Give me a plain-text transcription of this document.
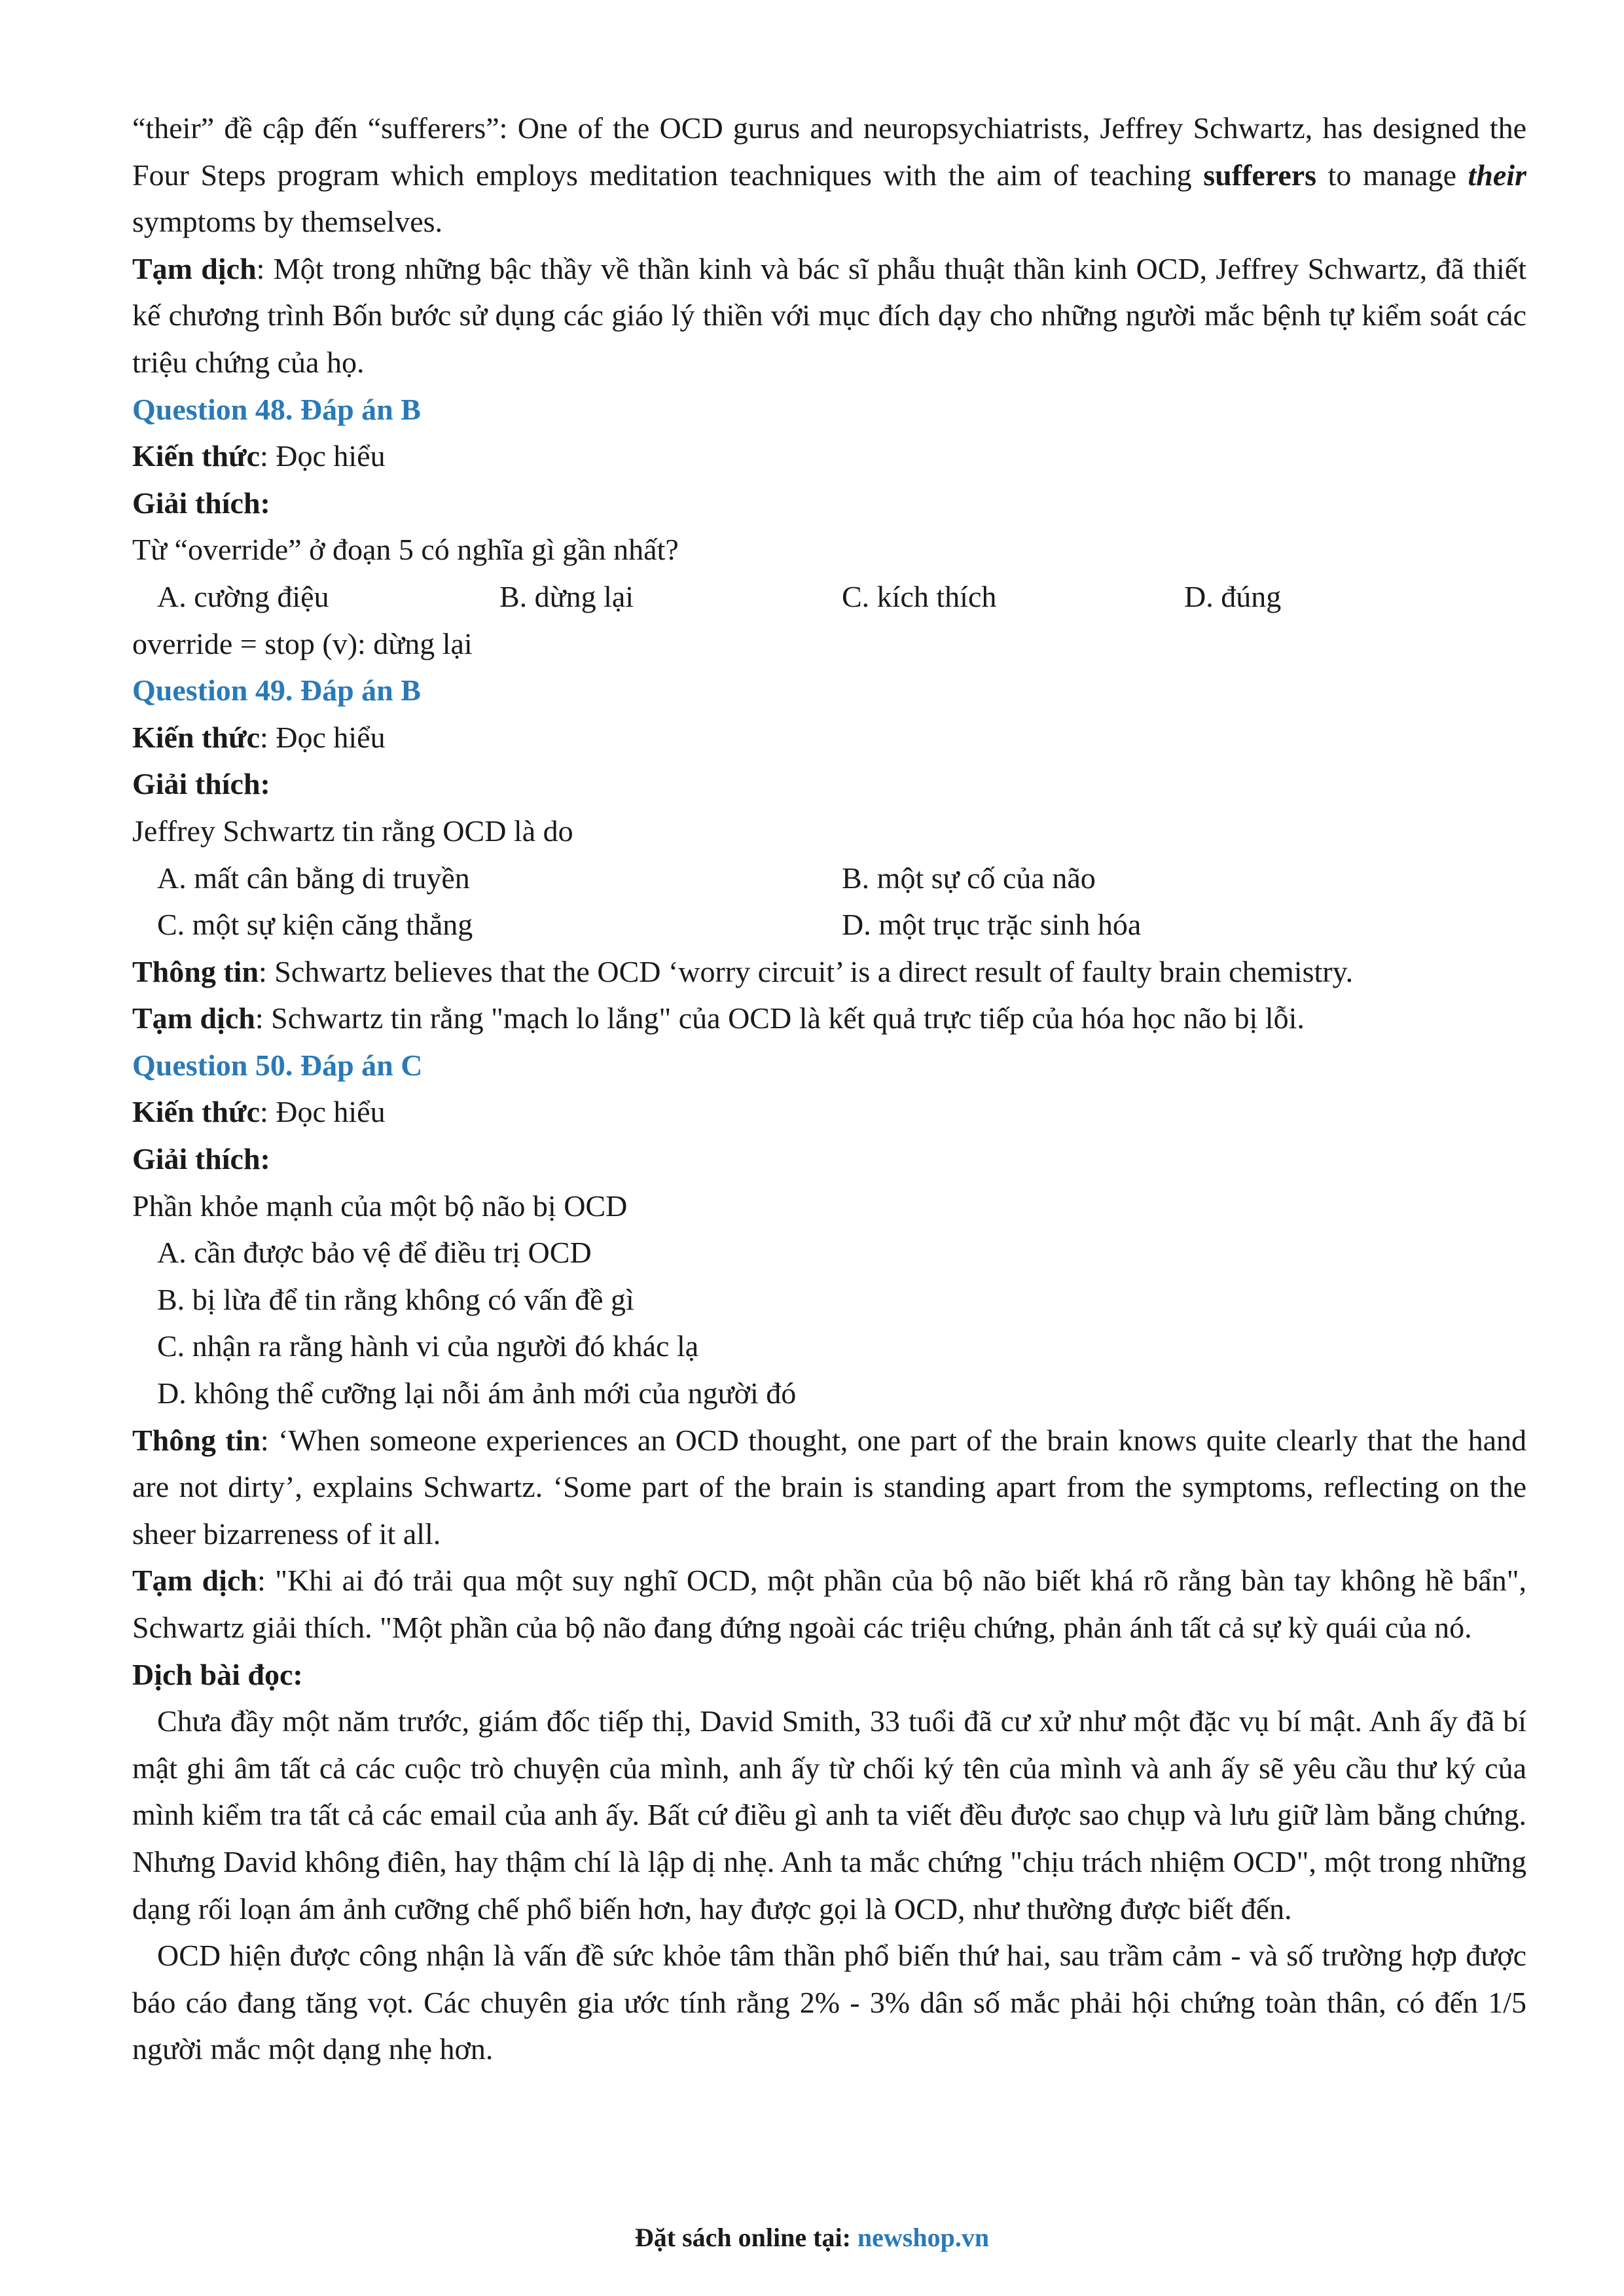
“their” đề cập đến “sufferers”: One of the OCD gurus and neuropsychiatrists, Jeffrey Schwartz, has designed the Four Steps program which employs meditation teachniques with the aim of teaching sufferers to manage their symptoms by themselves.

Tạm dịch: Một trong những bậc thầy về thần kinh và bác sĩ phẫu thuật thần kinh OCD, Jeffrey Schwartz, đã thiết kế chương trình Bốn bước sử dụng các giáo lý thiền với mục đích dạy cho những người mắc bệnh tự kiểm soát các triệu chứng của họ.

Question 48. Đáp án B

Kiến thức: Đọc hiểu

Giải thích:

Từ “override” ở đoạn 5 có nghĩa gì gần nhất?

A. cường điệu	B. dừng lại	C. kích thích	D. đúng

override = stop (v): dừng lại

Question 49. Đáp án B

Kiến thức: Đọc hiểu

Giải thích:

Jeffrey Schwartz tin rằng OCD là do

A. mất cân bằng di truyền	B. một sự cố của não
C. một sự kiện căng thẳng	D. một trục trặc sinh hóa

Thông tin: Schwartz believes that the OCD ‘worry circuit’ is a direct result of faulty brain chemistry.

Tạm dịch: Schwartz tin rằng "mạch lo lắng" của OCD là kết quả trực tiếp của hóa học não bị lỗi.

Question 50. Đáp án C

Kiến thức: Đọc hiểu

Giải thích:

Phần khỏe mạnh của một bộ não bị OCD

A. cần được bảo vệ để điều trị OCD

B. bị lừa để tin rằng không có vấn đề gì

C. nhận ra rằng hành vi của người đó khác lạ

D. không thể cưỡng lại nỗi ám ảnh mới của người đó

Thông tin: ‘When someone experiences an OCD thought, one part of the brain knows quite clearly that the hand are not dirty’, explains Schwartz. ‘Some part of the brain is standing apart from the symptoms, reflecting on the sheer bizarreness of it all.

Tạm dịch: "Khi ai đó trải qua một suy nghĩ OCD, một phần của bộ não biết khá rõ rằng bàn tay không hề bẩn", Schwartz giải thích. "Một phần của bộ não đang đứng ngoài các triệu chứng, phản ánh tất cả sự kỳ quái của nó.

Dịch bài đọc:

Chưa đầy một năm trước, giám đốc tiếp thị, David Smith, 33 tuổi đã cư xử như một đặc vụ bí mật. Anh ấy đã bí mật ghi âm tất cả các cuộc trò chuyện của mình, anh ấy từ chối ký tên của mình và anh ấy sẽ yêu cầu thư ký của mình kiểm tra tất cả các email của anh ấy. Bất cứ điều gì anh ta viết đều được sao chụp và lưu giữ làm bằng chứng. Nhưng David không điên, hay thậm chí là lập dị nhẹ. Anh ta mắc chứng "chịu trách nhiệm OCD", một trong những dạng rối loạn ám ảnh cưỡng chế phổ biến hơn, hay được gọi là OCD, như thường được biết đến.

OCD hiện được công nhận là vấn đề sức khỏe tâm thần phổ biến thứ hai, sau trầm cảm - và số trường hợp được báo cáo đang tăng vọt. Các chuyên gia ước tính rằng 2% - 3% dân số mắc phải hội chứng toàn thân, có đến 1/5 người mắc một dạng nhẹ hơn.

Đặt sách online tại: newshop.vn
